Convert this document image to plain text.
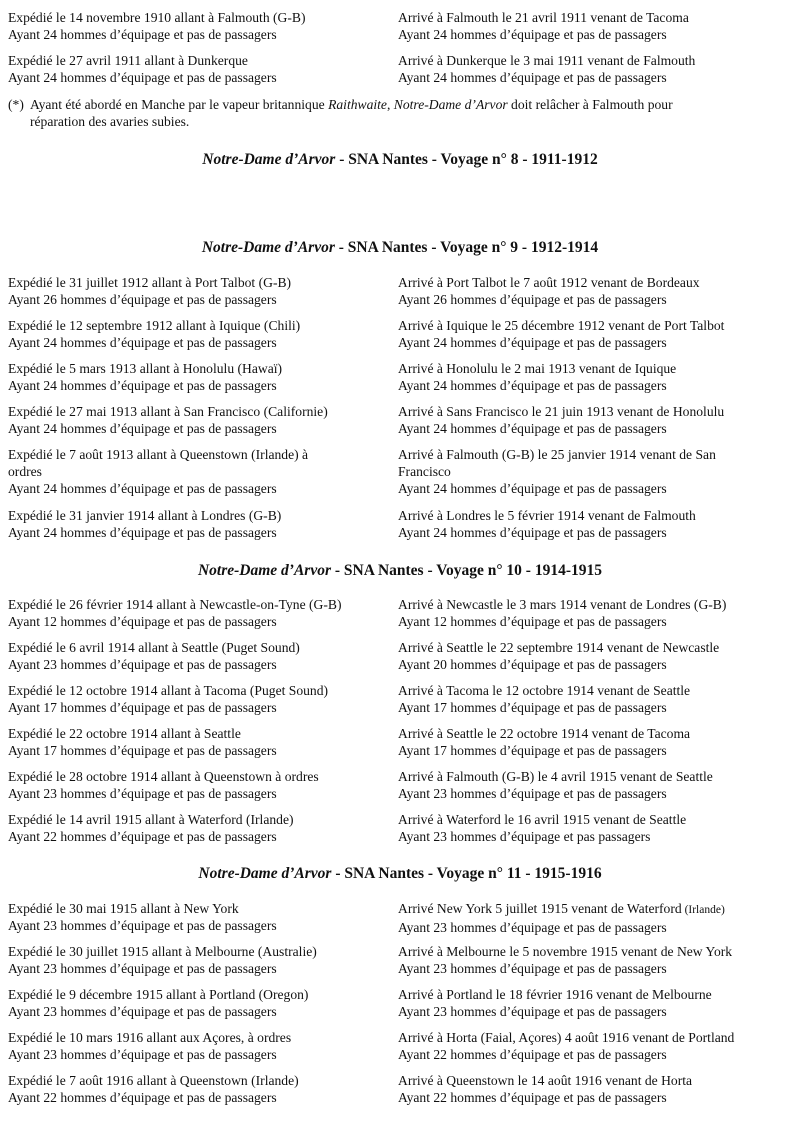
Expédié le 14 novembre 1910 allant à Falmouth (G-B)
Ayant 24 hommes d’équipage et pas de passagers
Arrivé à Falmouth le 21 avril 1911 venant de Tacoma
Ayant 24 hommes d’équipage et pas de passagers
Expédié le 27 avril 1911 allant à Dunkerque
Ayant 24 hommes d’équipage et pas de passagers
Arrivé à Dunkerque le 3 mai 1911 venant de Falmouth
Ayant 24 hommes d’équipage et pas de passagers
(*) Ayant été abordé en Manche par le vapeur britannique Raithwaite, Notre-Dame d’Arvor doit relâcher à Falmouth pour
réparation des avaries subies.
Notre-Dame d’Arvor - SNA Nantes - Voyage n° 8 - 1911-1912
Notre-Dame d’Arvor - SNA Nantes - Voyage n° 9 - 1912-1914
Expédié le 31 juillet 1912 allant à Port Talbot (G-B)
Ayant 26 hommes d’équipage et pas de passagers
Arrivé à Port Talbot le 7 août 1912 venant de Bordeaux
Ayant 26 hommes d’équipage et pas de passagers
Expédié le 12 septembre 1912 allant à Iquique (Chili)
Ayant 24 hommes d’équipage et pas de passagers
Arrivé à Iquique le 25 décembre 1912 venant de Port Talbot
Ayant 24 hommes d’équipage et pas de passagers
Expédié le 5 mars 1913 allant à Honolulu (Hawaï)
Ayant 24 hommes d’équipage et pas de passagers
Arrivé à Honolulu le 2 mai 1913 venant de Iquique
Ayant 24 hommes d’équipage et pas de passagers
Expédié le 27 mai 1913 allant à San Francisco (Californie)
Ayant 24 hommes d’équipage et pas de passagers
Arrivé à Sans Francisco le 21 juin 1913 venant de Honolulu
Ayant 24 hommes d’équipage et pas de passagers
Expédié le 7 août 1913 allant à Queenstown (Irlande) à
ordres
Ayant 24 hommes d’équipage et pas de passagers
Arrivé à Falmouth (G-B) le 25 janvier 1914 venant de San
Francisco
Ayant 24 hommes d’équipage et pas de passagers
Expédié le 31 janvier 1914 allant à Londres (G-B)
Ayant 24 hommes d’équipage et pas de passagers
Arrivé à Londres le 5 février 1914 venant de Falmouth
Ayant 24 hommes d’équipage et pas de passagers
Notre-Dame d’Arvor - SNA Nantes - Voyage n° 10 - 1914-1915
Expédié le 26 février 1914 allant à Newcastle-on-Tyne (G-B)
Ayant 12 hommes d’équipage et pas de passagers
Arrivé à Newcastle le 3 mars 1914 venant de Londres (G-B)
Ayant 12 hommes d’équipage et pas de passagers
Expédié le 6 avril 1914 allant à Seattle (Puget Sound)
Ayant 23 hommes d’équipage et pas de passagers
Arrivé à Seattle le 22 septembre 1914 venant de Newcastle
Ayant 20 hommes d’équipage et pas de passagers
Expédié le 12 octobre 1914 allant à Tacoma (Puget Sound)
Ayant 17 hommes d’équipage et pas de passagers
Arrivé à Tacoma le 12 octobre 1914 venant de Seattle
Ayant 17 hommes d’équipage et pas de passagers
Expédié le 22 octobre 1914 allant à Seattle
Ayant 17 hommes d’équipage et pas de passagers
Arrivé à Seattle le 22 octobre 1914 venant de Tacoma
Ayant 17 hommes d’équipage et pas de passagers
Expédié le 28 octobre 1914 allant à Queenstown à ordres
Ayant 23 hommes d’équipage et pas de passagers
Arrivé à Falmouth (G-B) le 4 avril 1915 venant de Seattle
Ayant 23 hommes d’équipage et pas de passagers
Expédié le 14 avril 1915 allant à Waterford (Irlande)
Ayant 22 hommes d’équipage et pas de passagers
Arrivé à Waterford le 16 avril 1915 venant de Seattle
Ayant 23 hommes d’équipage et pas passagers
Notre-Dame d’Arvor - SNA Nantes - Voyage n° 11 - 1915-1916
Expédié le 30 mai 1915 allant à New York
Ayant 23 hommes d’équipage et pas de passagers
Arrivé New York 5 juillet 1915 venant de Waterford (Irlande)
Ayant 23 hommes d’équipage et pas de passagers
Expédié le 30 juillet 1915 allant à Melbourne (Australie)
Ayant 23 hommes d’équipage et pas de passagers
Arrivé à Melbourne le 5 novembre 1915 venant de New York
Ayant 23 hommes d’équipage et pas de passagers
Expédié le 9 décembre 1915 allant à Portland (Oregon)
Ayant 23 hommes d’équipage et pas de passagers
Arrivé à Portland le 18 février 1916 venant de Melbourne
Ayant 23 hommes d’équipage et pas de passagers
Expédié le 10 mars 1916 allant aux Açores, à ordres
Ayant 23 hommes d’équipage et pas de passagers
Arrivé à Horta (Faial, Açores) 4 août 1916 venant de Portland
Ayant 22 hommes d’équipage et pas de passagers
Expédié le 7 août 1916 allant à Queenstown (Irlande)
Ayant 22 hommes d’équipage et pas de passagers
Arrivé à Queenstown le 14 août 1916 venant de Horta
Ayant 22 hommes d’équipage et pas de passagers
